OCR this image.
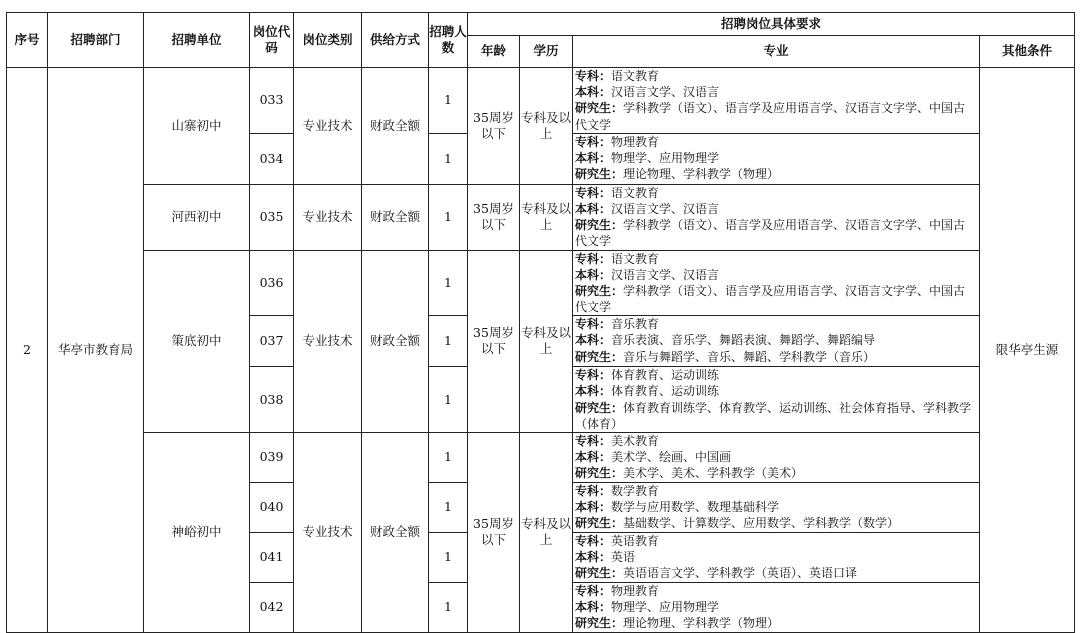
序号	招聘部门	招聘单位	岗位代码	岗位类别	供给方式	招聘人数	招聘岗位具体要求			
							年龄	学历	专业	其他条件
2	华亭市教育局	山寨初中	033	专业技术	财政全额	1	35周岁以下	专科及以上	专科：语文教育
本科：汉语言文学、汉语言
研究生：学科教学（语文）、语言学及应用语言学、汉语言文字学、中国古代文学	限华亭生源
			034			1			专科：物理教育
本科：物理学、应用物理学
研究生：理论物理、学科教学（物理）	

		河西初中	035	专业技术	财政全额	1	35周岁以下	专科及以上	专科：语文教育
本科：汉语言文学、汉语言
研究生：学科教学（语文）、语言学及应用语言学、汉语言文字学、中国古代文学	

		策底初中	036	专业技术	财政全额	1	35周岁以下	专科及以上	专科：语文教育
本科：汉语言文学、汉语言
研究生：学科教学（语文）、语言学及应用语言学、汉语言文字学、中国古代文学	

			037			1			专科：音乐教育
本科：音乐表演、音乐学、舞蹈表演、舞蹈学、舞蹈编导
研究生：音乐与舞蹈学、音乐、舞蹈、学科教学（音乐）	

			038			1			专科：体育教育、运动训练
本科：体育教育、运动训练
研究生：体育教育训练学、体育教学、运动训练、社会体育指导、学科教学（体育）	

		神峪初中	039	专业技术	财政全额	1	35周岁以下	专科及以上	专科：美术教育
本科：美术学、绘画、中国画
研究生：美术学、美术、学科教学（美术）	

			040			1			专科：数学教育
本科：数学与应用数学、数理基础科学
研究生：基础数学、计算数学、应用数学、学科教学（数学）	

			041			1			专科：英语教育
本科：英语
研究生：英语语言文学、学科教学（英语）、英语口译	

			042			1			专科：物理教育
本科：物理学、应用物理学
研究生：理论物理、学科教学（物理）	
